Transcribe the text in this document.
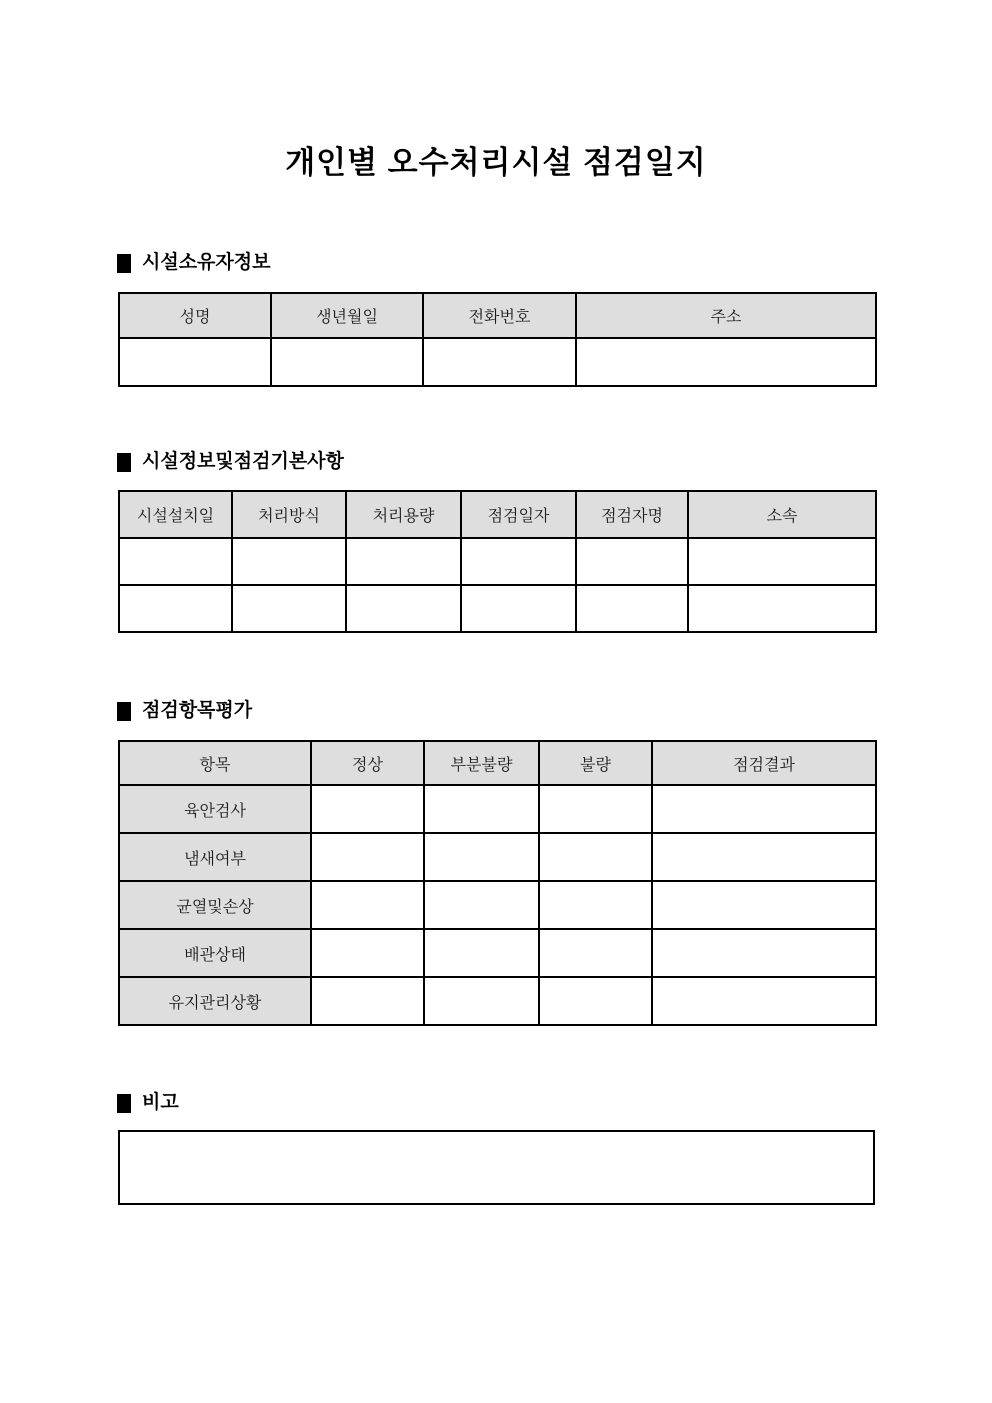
개인별 오수처리시설 점검일지
시설소유자정보
성명	생년월일	전화번호	주소

시설정보및점검기본사항
시설설치일	처리방식	처리용량	점검일자	점검자명	소속

점검항목평가
항목	정상	부분불량	불량	점검결과
육안검사				
냄새여부				
균열및손상				
배관상태				
유지관리상황				
비고
